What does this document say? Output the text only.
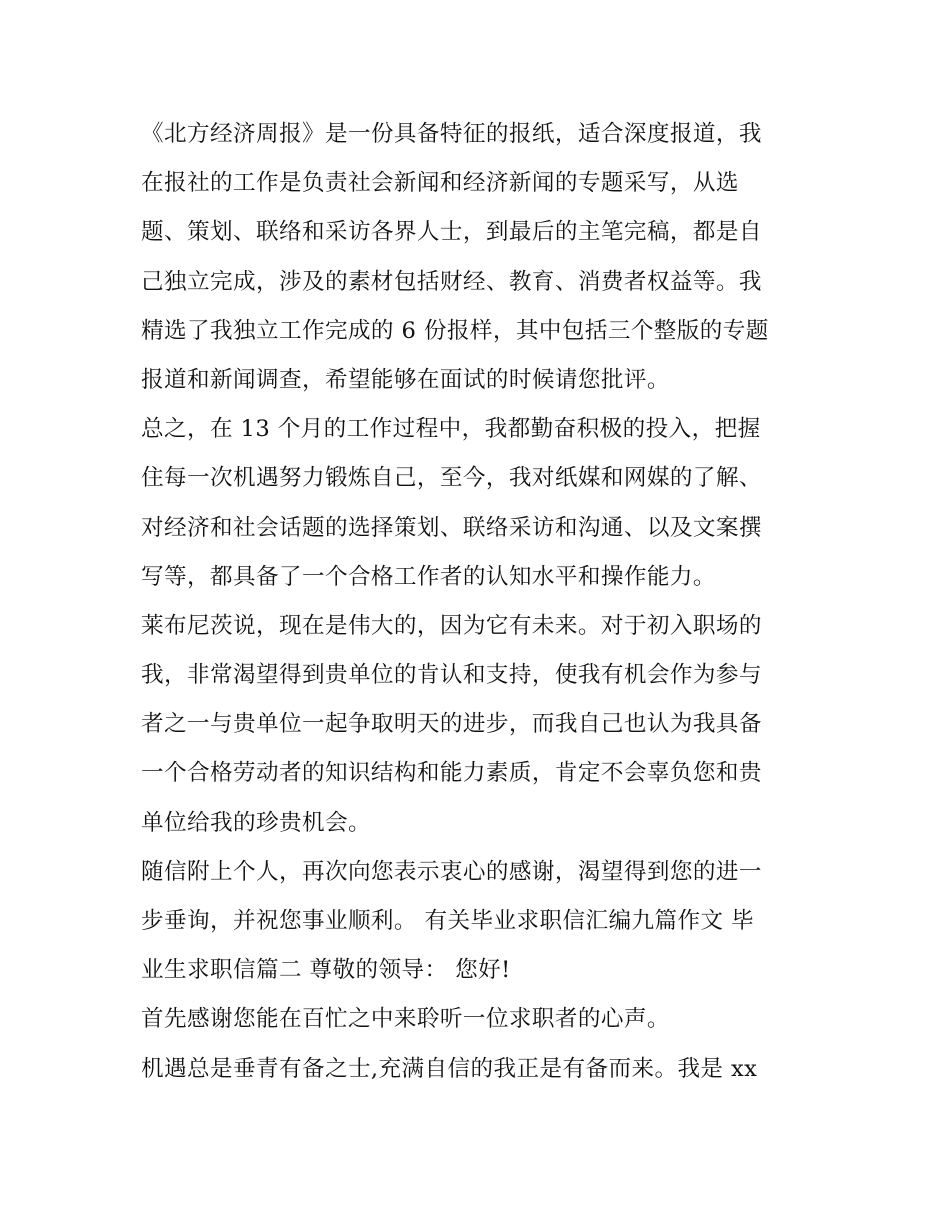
《北方经济周报》是一份具备特征的报纸，适合深度报道，我
在报社的工作是负责社会新闻和经济新闻的专题采写，从选
题、策划、联络和采访各界人士，到最后的主笔完稿，都是自
己独立完成，涉及的素材包括财经、教育、消费者权益等。我
精选了我独立工作完成的 6 份报样，其中包括三个整版的专题
报道和新闻调查，希望能够在面试的时候请您批评。
总之，在 13 个月的工作过程中，我都勤奋积极的投入，把握
住每一次机遇努力锻炼自己，至今，我对纸媒和网媒的了解、
对经济和社会话题的选择策划、联络采访和沟通、以及文案撰
写等，都具备了一个合格工作者的认知水平和操作能力。
莱布尼茨说，现在是伟大的，因为它有未来。对于初入职场的
我，非常渴望得到贵单位的肯认和支持，使我有机会作为参与
者之一与贵单位一起争取明天的进步，而我自己也认为我具备
一个合格劳动者的知识结构和能力素质，肯定不会辜负您和贵
单位给我的珍贵机会。
随信附上个人，再次向您表示衷心的感谢，渴望得到您的进一
步垂询，并祝您事业顺利。 有关毕业求职信汇编九篇作文 毕
业生求职信篇二 尊敬的领导： 您好!
首先感谢您能在百忙之中来聆听一位求职者的心声。
机遇总是垂青有备之士,充满自信的我正是有备而来。我是 xx
